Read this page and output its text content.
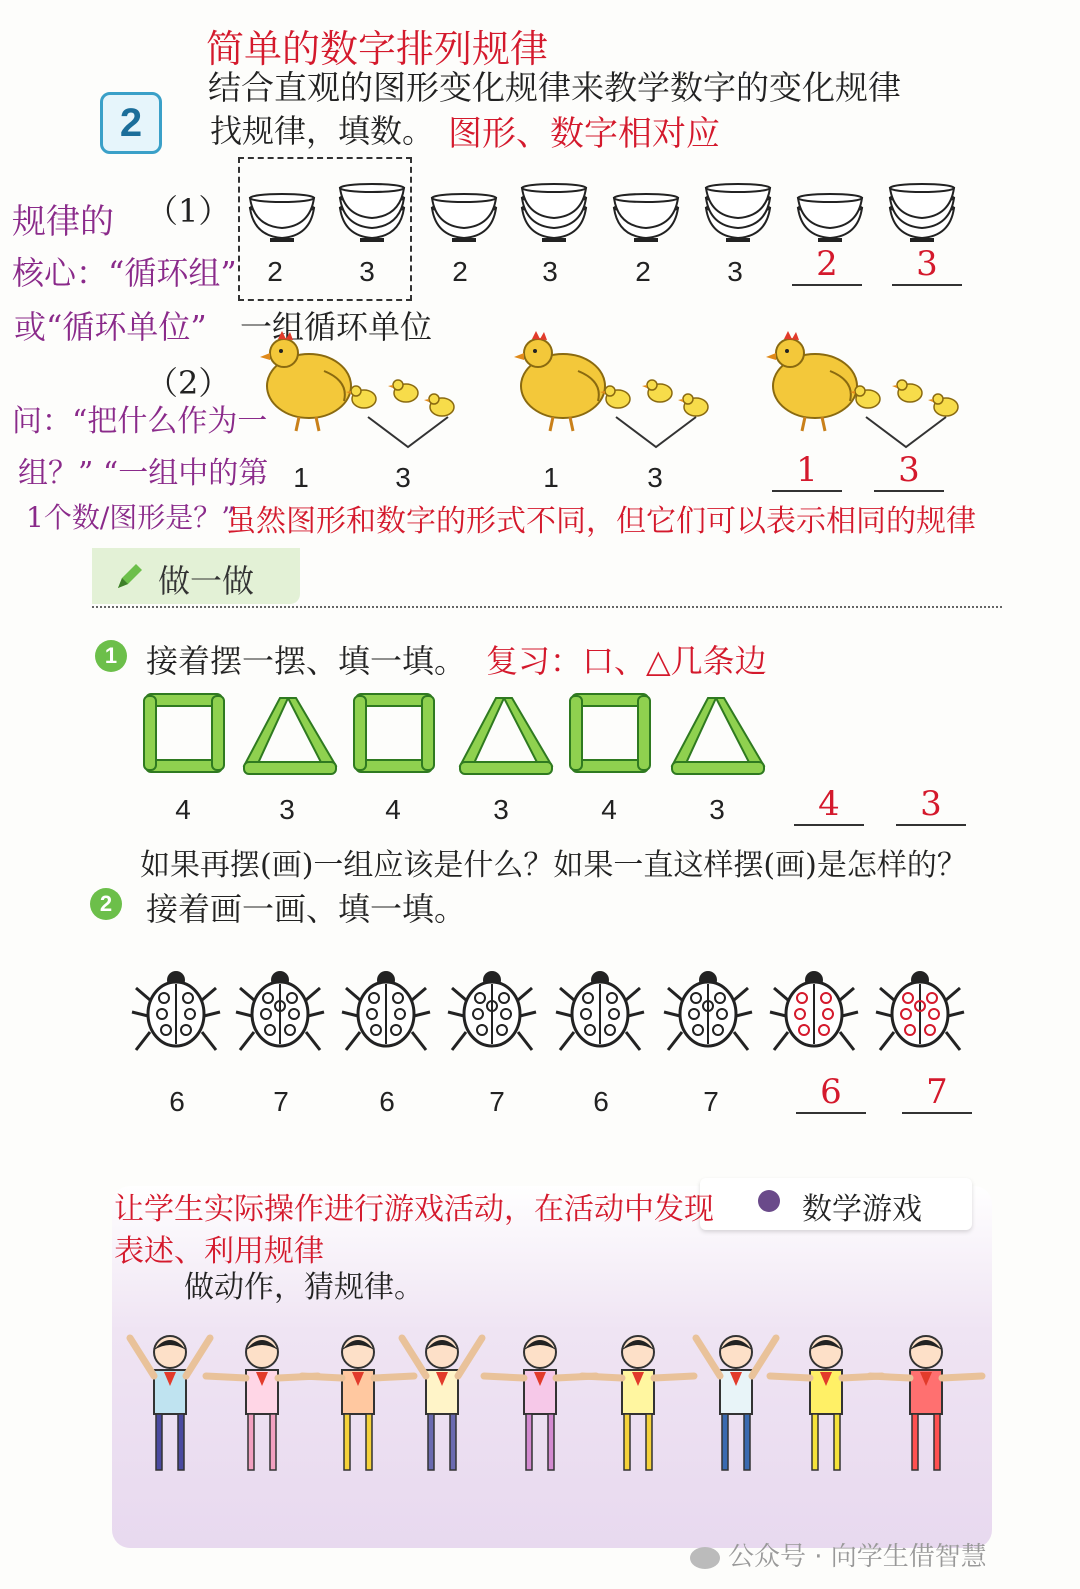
简单的数字排列规律
结合直观的图形变化规律来教学数字的变化规律
2	找规律，填数。 图形、数字相对应
规律的
核心：“循环组”
或“循环单位” 一组循环单位
问：“把什么作为一
组？” “一组中的第
1个数/图形是？”
（1）
2	3	2	3	2	3	2	3
（2）
1	3	1	3	1	3
虽然图形和数字的形式不同，但它们可以表示相同的规律
做一做
1 接着摆一摆、填一填。 复习：口、△几条边
4	3	4	3	4	3	4	3
如果再摆(画)一组应该是什么？如果一直这样摆(画)是怎样的？
2	接着画一画、填一填。
6	7	6	7	6	7	6	7
数学游戏
让学生实际操作进行游戏活动，在活动中发现
表述、利用规律
做动作，猜规律。
公众号 · 向学生借智慧
